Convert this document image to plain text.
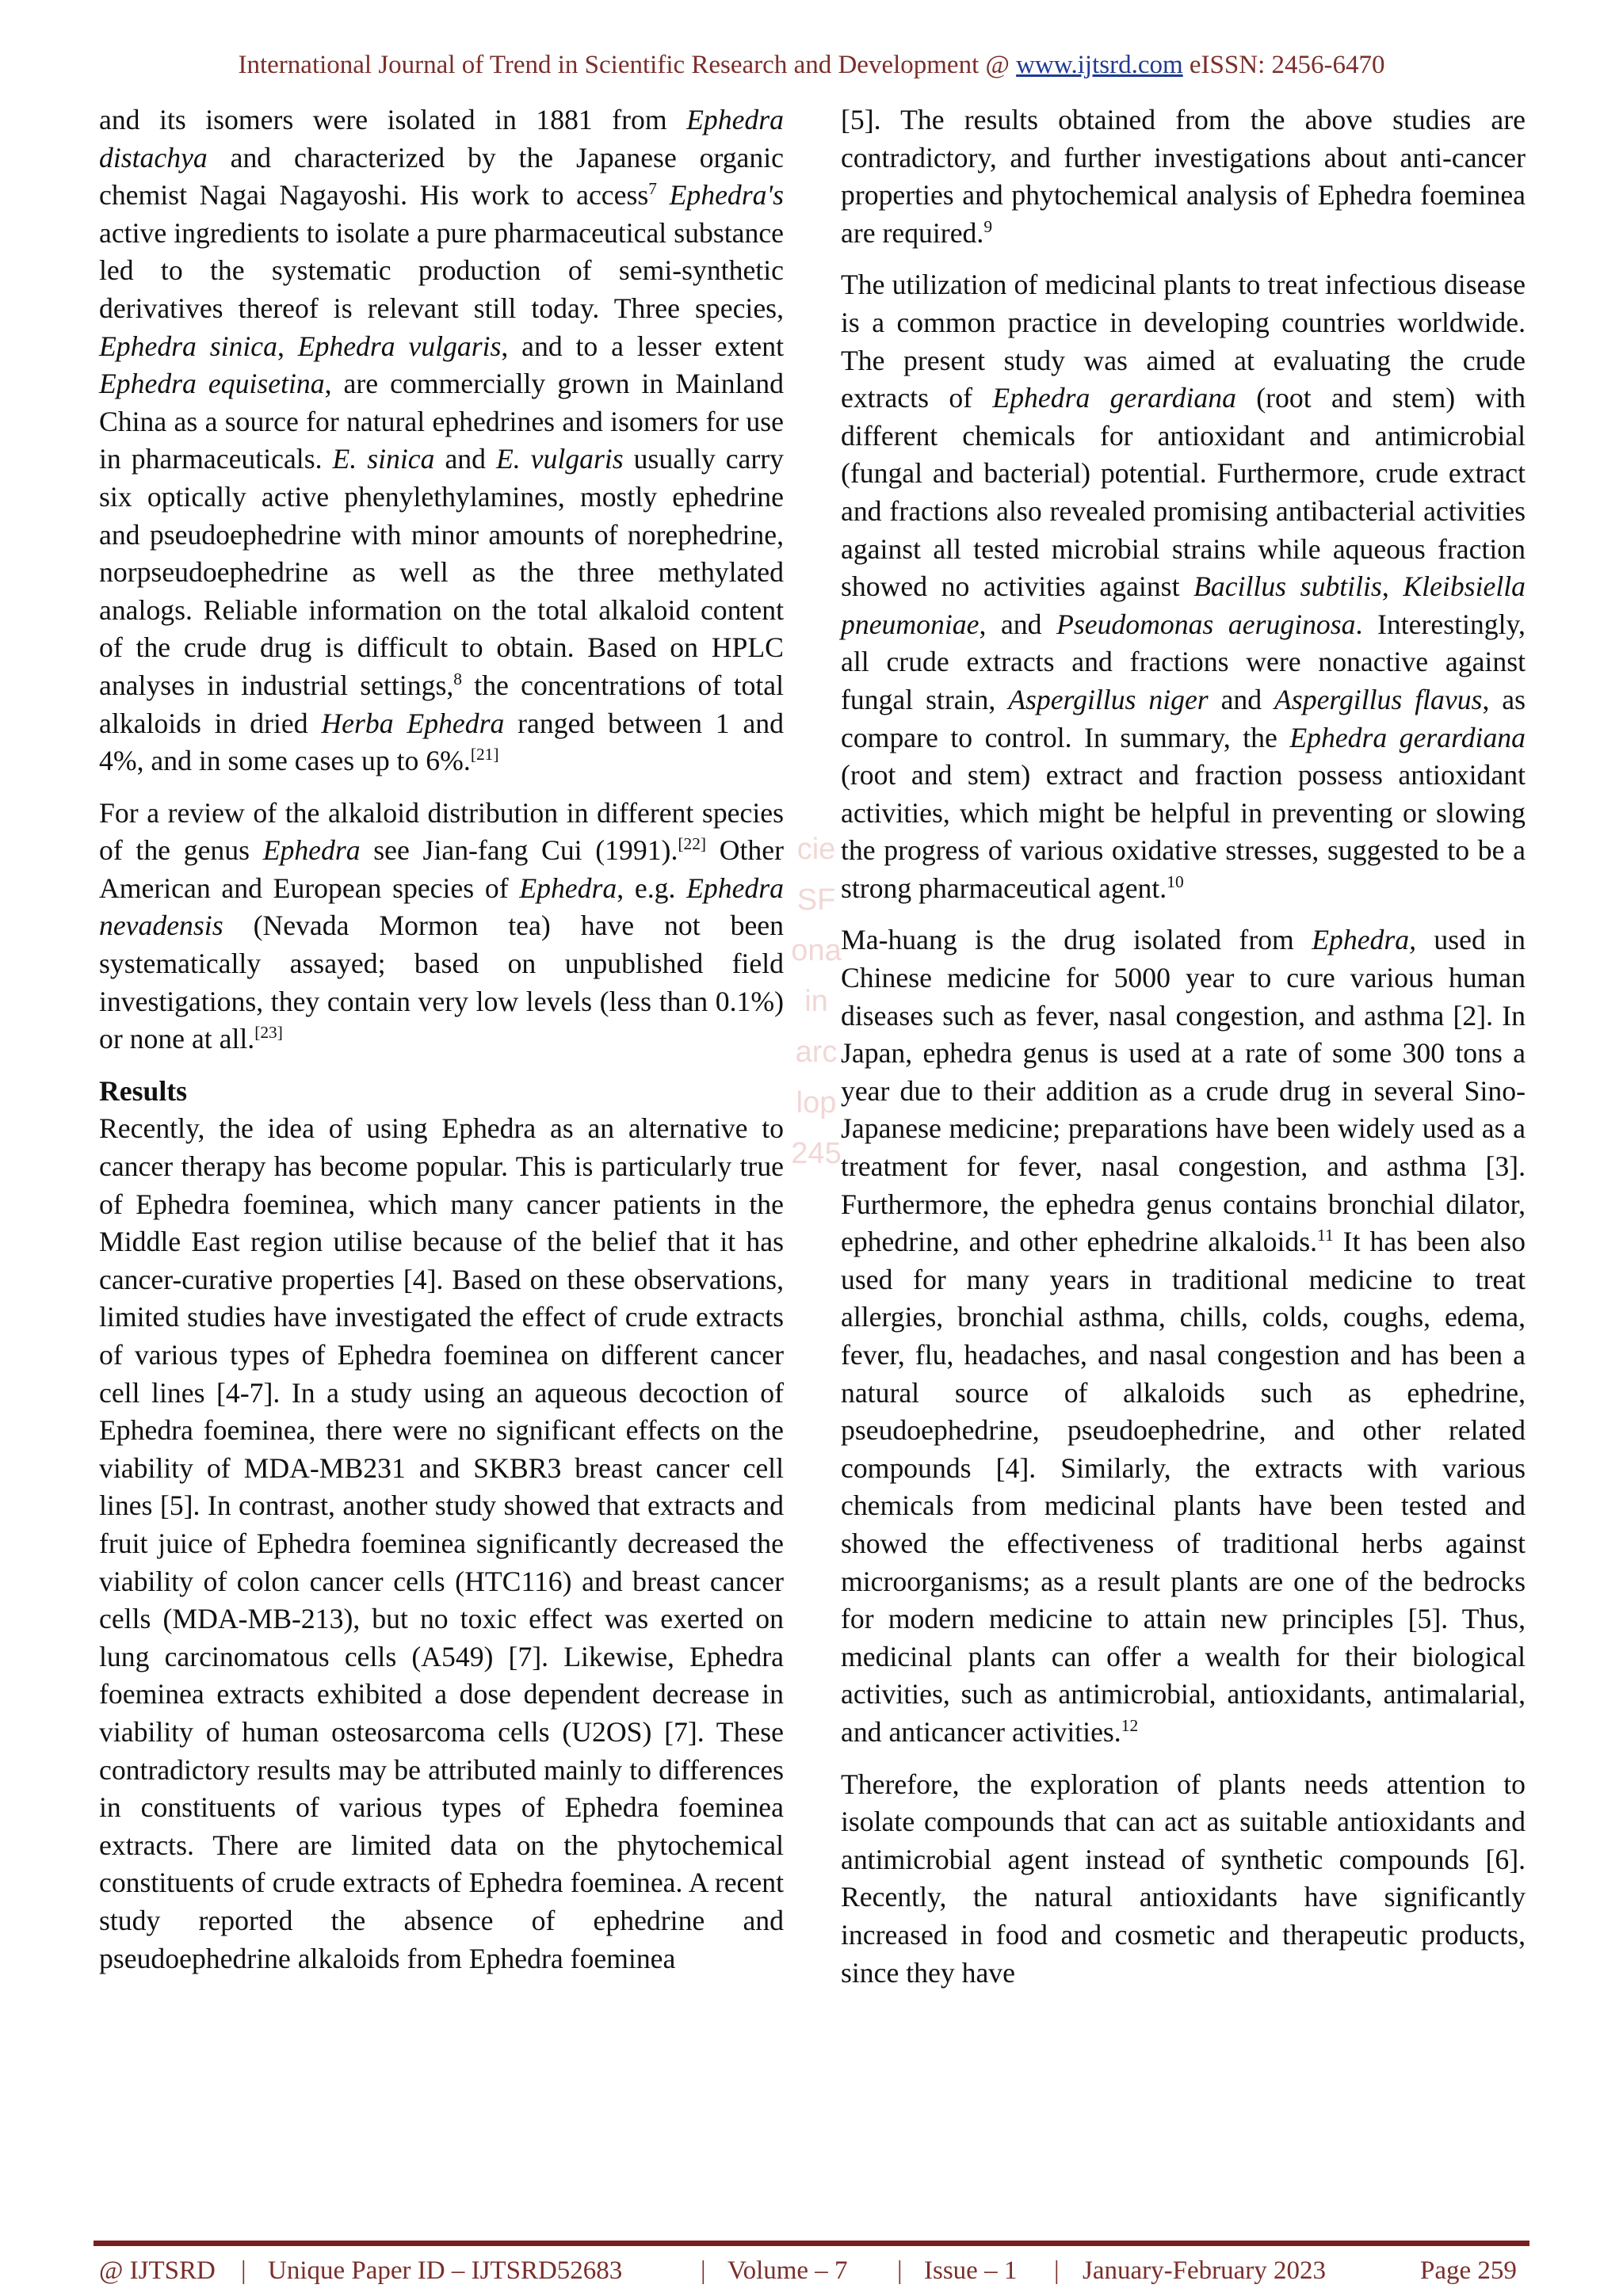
International Journal of Trend in Scientific Research and Development @ www.ijtsrd.com eISSN: 2456-6470
cie
SF
ona
in
arc
lop
245

and its isomers were isolated in 1881 from Ephedra distachya and characterized by the Japanese organic chemist Nagai Nagayoshi. His work to access$^7$ Ephedra's active ingredients to isolate a pure pharmaceutical substance led to the systematic production of semi-synthetic derivatives thereof is relevant still today. Three species, Ephedra sinica, Ephedra vulgaris, and to a lesser extent Ephedra equisetina, are commercially grown in Mainland China as a source for natural ephedrines and isomers for use in pharmaceuticals. E. sinica and E. vulgaris usually carry six optically active phenylethylamines, mostly ephedrine and pseudoephedrine with minor amounts of norephedrine, norpseudoephedrine as well as the three methylated analogs. Reliable information on the total alkaloid content of the crude drug is difficult to obtain. Based on HPLC analyses in industrial settings,$^8$ the concentrations of total alkaloids in dried Herba Ephedra ranged between 1 and 4%, and in some cases up to 6%.[21]

For a review of the alkaloid distribution in different species of the genus Ephedra see Jian-fang Cui (1991).[22] Other American and European species of Ephedra, e.g. Ephedra nevadensis (Nevada Mormon tea) have not been systematically assayed; based on unpublished field investigations, they contain very low levels (less than 0.1%) or none at all.[23]

Results

Recently, the idea of using Ephedra as an alternative to cancer therapy has become popular. This is particularly true of Ephedra foeminea, which many cancer patients in the Middle East region utilise because of the belief that it has cancer-curative properties [4]. Based on these observations, limited studies have investigated the effect of crude extracts of various types of Ephedra foeminea on different cancer cell lines [4-7]. In a study using an aqueous decoction of Ephedra foeminea, there were no significant effects on the viability of MDA-MB231 and SKBR3 breast cancer cell lines [5]. In contrast, another study showed that extracts and fruit juice of Ephedra foeminea significantly decreased the viability of colon cancer cells (HTC116) and breast cancer cells (MDA-MB-213), but no toxic effect was exerted on lung carcinomatous cells (A549) [7]. Likewise, Ephedra foeminea extracts exhibited a dose dependent decrease in viability of human osteosarcoma cells (U2OS) [7]. These contradictory results may be attributed mainly to differences in constituents of various types of Ephedra foeminea extracts. There are limited data on the phytochemical constituents of crude extracts of Ephedra foeminea. A recent study reported the absence of ephedrine and pseudoephedrine alkaloids from Ephedra foeminea

[5]. The results obtained from the above studies are contradictory, and further investigations about anti-cancer properties and phytochemical analysis of Ephedra foeminea are required.$^9$

The utilization of medicinal plants to treat infectious disease is a common practice in developing countries worldwide. The present study was aimed at evaluating the crude extracts of Ephedra gerardiana (root and stem) with different chemicals for antioxidant and antimicrobial (fungal and bacterial) potential. Furthermore, crude extract and fractions also revealed promising antibacterial activities against all tested microbial strains while aqueous fraction showed no activities against Bacillus subtilis, Kleibsiella pneumoniae, and Pseudomonas aeruginosa. Interestingly, all crude extracts and fractions were nonactive against fungal strain, Aspergillus niger and Aspergillus flavus, as compare to control. In summary, the Ephedra gerardiana (root and stem) extract and fraction possess antioxidant activities, which might be helpful in preventing or slowing the progress of various oxidative stresses, suggested to be a strong pharmaceutical agent.$^{10}$

Ma-huang is the drug isolated from Ephedra, used in Chinese medicine for 5000 year to cure various human diseases such as fever, nasal congestion, and asthma [2]. In Japan, ephedra genus is used at a rate of some 300 tons a year due to their addition as a crude drug in several Sino-Japanese medicine; preparations have been widely used as a treatment for fever, nasal congestion, and asthma [3]. Furthermore, the ephedra genus contains bronchial dilator, ephedrine, and other ephedrine alkaloids.$^{11}$ It has been also used for many years in traditional medicine to treat allergies, bronchial asthma, chills, colds, coughs, edema, fever, flu, headaches, and nasal congestion and has been a natural source of alkaloids such as ephedrine, pseudoephedrine, pseudoephedrine, and other related compounds [4]. Similarly, the extracts with various chemicals from medicinal plants have been tested and showed the effectiveness of traditional herbs against microorganisms; as a result plants are one of the bedrocks for modern medicine to attain new principles [5]. Thus, medicinal plants can offer a wealth for their biological activities, such as antimicrobial, antioxidants, antimalarial, and anticancer activities.$^{12}$

Therefore, the exploration of plants needs attention to isolate compounds that can act as suitable antioxidants and antimicrobial agent instead of synthetic compounds [6]. Recently, the natural antioxidants have significantly increased in food and cosmetic and therapeutic products, since they have

@ IJTSRD | Unique Paper ID – IJTSRD52683	| Volume – 7 | Issue – 1 | January-February 2023	Page 259
